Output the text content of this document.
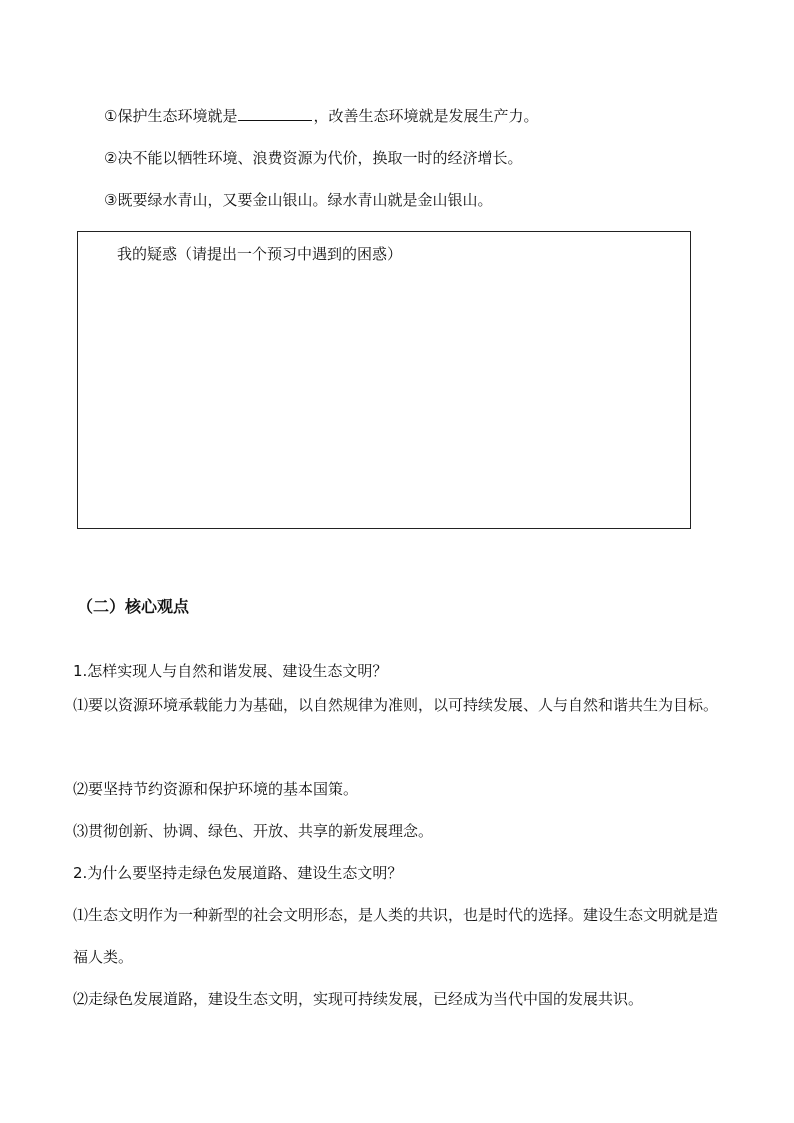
①保护生态环境就是	，改善生态环境就是发展生产力。
②决不能以牺牲环境、浪费资源为代价，换取一时的经济增长。
③既要绿水青山，又要金山银山。绿水青山就是金山银山。
我的疑惑（请提出一个预习中遇到的困惑）
（二）核心观点
1.怎样实现人与自然和谐发展、建设生态文明？
⑴要以资源环境承载能力为基础，以自然规律为准则，以可持续发展、人与自然和谐共生为目标。
⑵要坚持节约资源和保护环境的基本国策。
⑶贯彻创新、协调、绿色、开放、共享的新发展理念。
2.为什么要坚持走绿色发展道路、建设生态文明？
⑴生态文明作为一种新型的社会文明形态，是人类的共识，也是时代的选择。建设生态文明就是造福人类。
⑵走绿色发展道路，建设生态文明，实现可持续发展，已经成为当代中国的发展共识。
